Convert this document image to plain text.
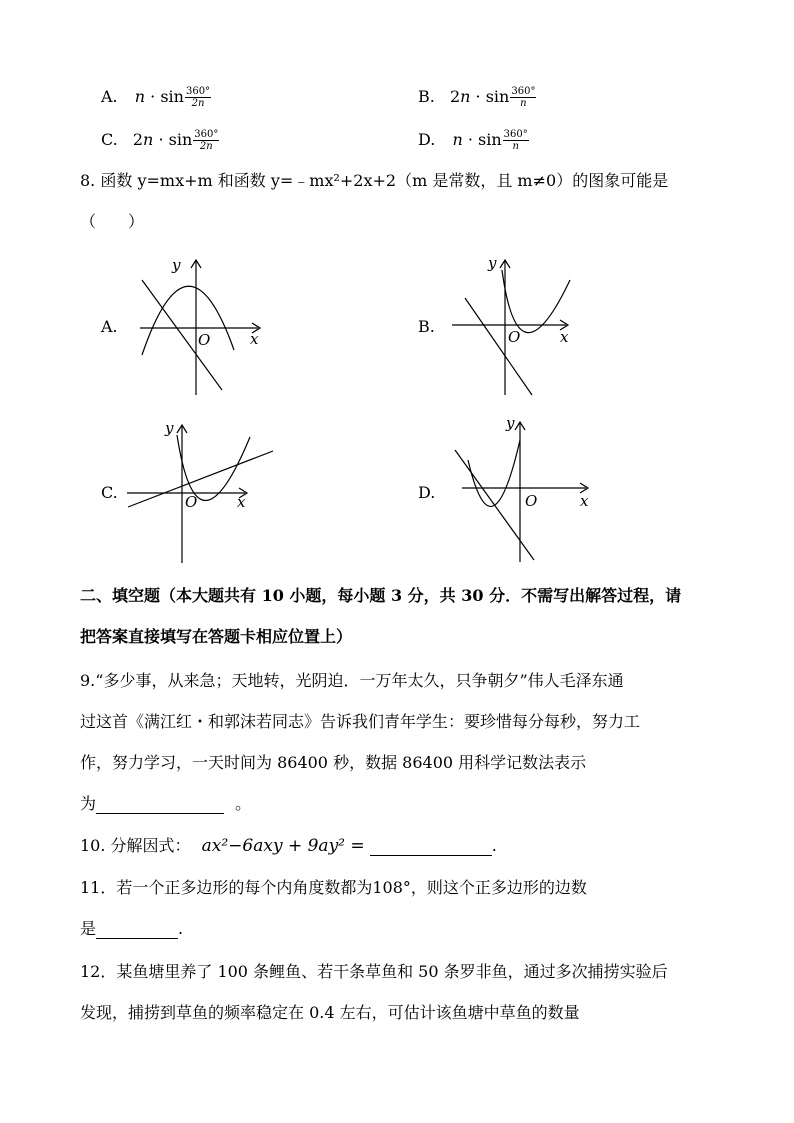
A. $n \cdot \sin \frac{360^\circ}{2n}$	B. $2n \cdot \sin \frac{360^\circ}{n}$
C. $2n \cdot \sin \frac{360^\circ}{2n}$	D. $n \cdot \sin \frac{360^\circ}{n}$
8. 函数 y=mx+m 和函数 y=﹣mx²+2x+2（m 是常数，且 m≠0）的图象可能是
（　　）
A.
y
x
O
B.
y
x
O
C.
y
x
O	D.
y
x
O
二、填空题（本大题共有 10 小题，每小题 3 分，共 30 分．不需写出解答过程，请
把答案直接填写在答题卡相应位置上）
9.“多少事，从来急；天地转，光阴迫．一万年太久，只争朝夕”伟人毛泽东通
过这首《满江红・和郭沫若同志》告诉我们青年学生：要珍惜每分每秒，努力工
作，努力学习，一天时间为 86400 秒，数据 86400 用科学记数法表示
为	。
10. 分解因式： ax²−6axy + 9ay² =	.
11．若一个正多边形的每个内角度数都为108°，则这个正多边形的边数
是	.
12．某鱼塘里养了 100 条鲤鱼、若干条草鱼和 50 条罗非鱼，通过多次捕捞实验后
发现，捕捞到草鱼的频率稳定在 0.4 左右，可估计该鱼塘中草鱼的数量
